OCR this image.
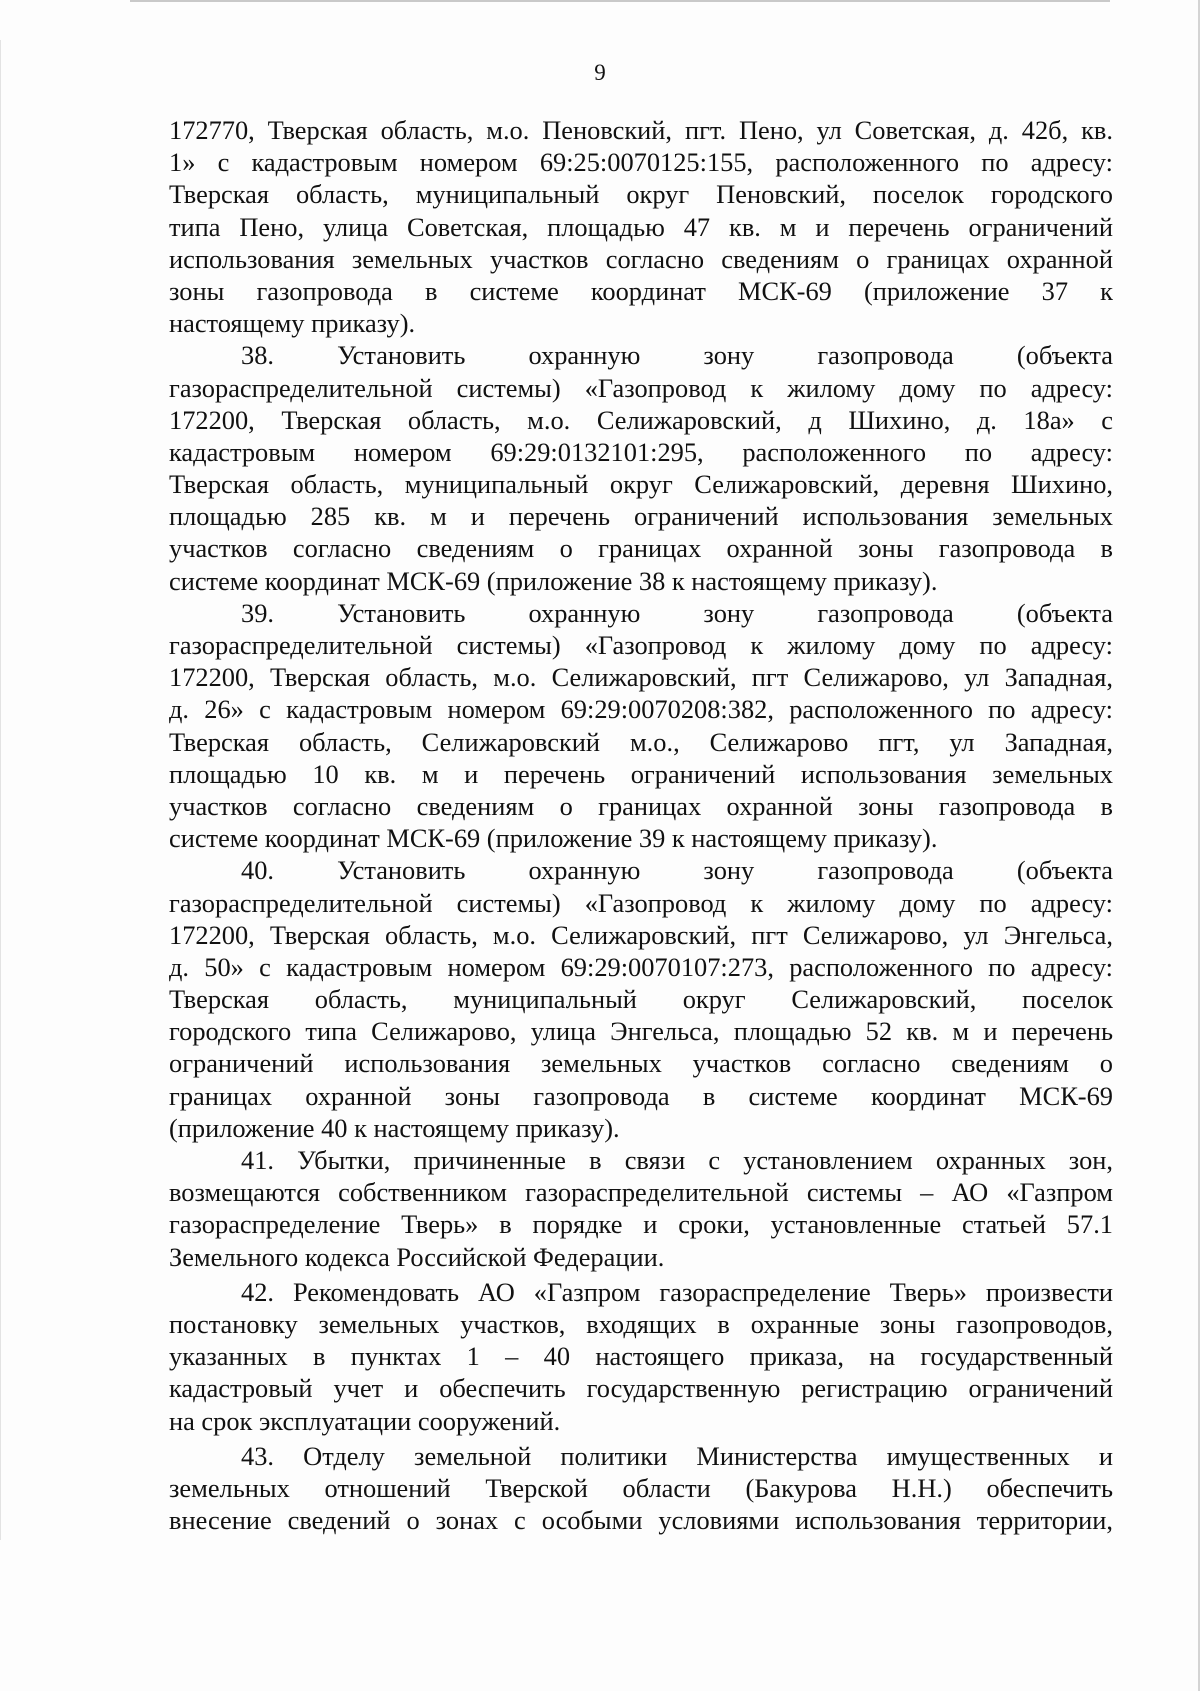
9
172770, Тверская область, м.о. Пеновский, пгт. Пено, ул Советская, д. 42б, кв.
1» с кадастровым номером 69:25:0070125:155, расположенного по адресу:
Тверская область, муниципальный округ Пеновский, поселок городского
типа Пено, улица Советская, площадью 47 кв. м и перечень ограничений
использования земельных участков согласно сведениям о границах охранной
зоны газопровода в системе координат МСК-69 (приложение 37 к
настоящему приказу).
38. Установить охранную зону газопровода (объекта
газораспределительной системы) «Газопровод к жилому дому по адресу:
172200, Тверская область, м.о. Селижаровский, д Шихино, д. 18а» с
кадастровым номером 69:29:0132101:295, расположенного по адресу:
Тверская область, муниципальный округ Селижаровский, деревня Шихино,
площадью 285 кв. м и перечень ограничений использования земельных
участков согласно сведениям о границах охранной зоны газопровода в
системе координат МСК-69 (приложение 38 к настоящему приказу).
39. Установить охранную зону газопровода (объекта
газораспределительной системы) «Газопровод к жилому дому по адресу:
172200, Тверская область, м.о. Селижаровский, пгт Селижарово, ул Западная,
д. 26» с кадастровым номером 69:29:0070208:382, расположенного по адресу:
Тверская область, Селижаровский м.о., Селижарово пгт, ул Западная,
площадью 10 кв. м и перечень ограничений использования земельных
участков согласно сведениям о границах охранной зоны газопровода в
системе координат МСК-69 (приложение 39 к настоящему приказу).
40. Установить охранную зону газопровода (объекта
газораспределительной системы) «Газопровод к жилому дому по адресу:
172200, Тверская область, м.о. Селижаровский, пгт Селижарово, ул Энгельса,
д. 50» с кадастровым номером 69:29:0070107:273, расположенного по адресу:
Тверская область, муниципальный округ Селижаровский, поселок
городского типа Селижарово, улица Энгельса, площадью 52 кв. м и перечень
ограничений использования земельных участков согласно сведениям о
границах охранной зоны газопровода в системе координат МСК-69
(приложение 40 к настоящему приказу).
41. Убытки, причиненные в связи с установлением охранных зон,
возмещаются собственником газораспределительной системы – АО «Газпром
газораспределение Тверь» в порядке и сроки, установленные статьей 57.1
Земельного кодекса Российской Федерации.
42. Рекомендовать АО «Газпром газораспределение Тверь» произвести
постановку земельных участков, входящих в охранные зоны газопроводов,
указанных в пунктах 1 – 40 настоящего приказа, на государственный
кадастровый учет и обеспечить государственную регистрацию ограничений
на срок эксплуатации сооружений.
43. Отделу земельной политики Министерства имущественных и
земельных отношений Тверской области (Бакурова Н.Н.) обеспечить
внесение сведений о зонах с особыми условиями использования территории,
